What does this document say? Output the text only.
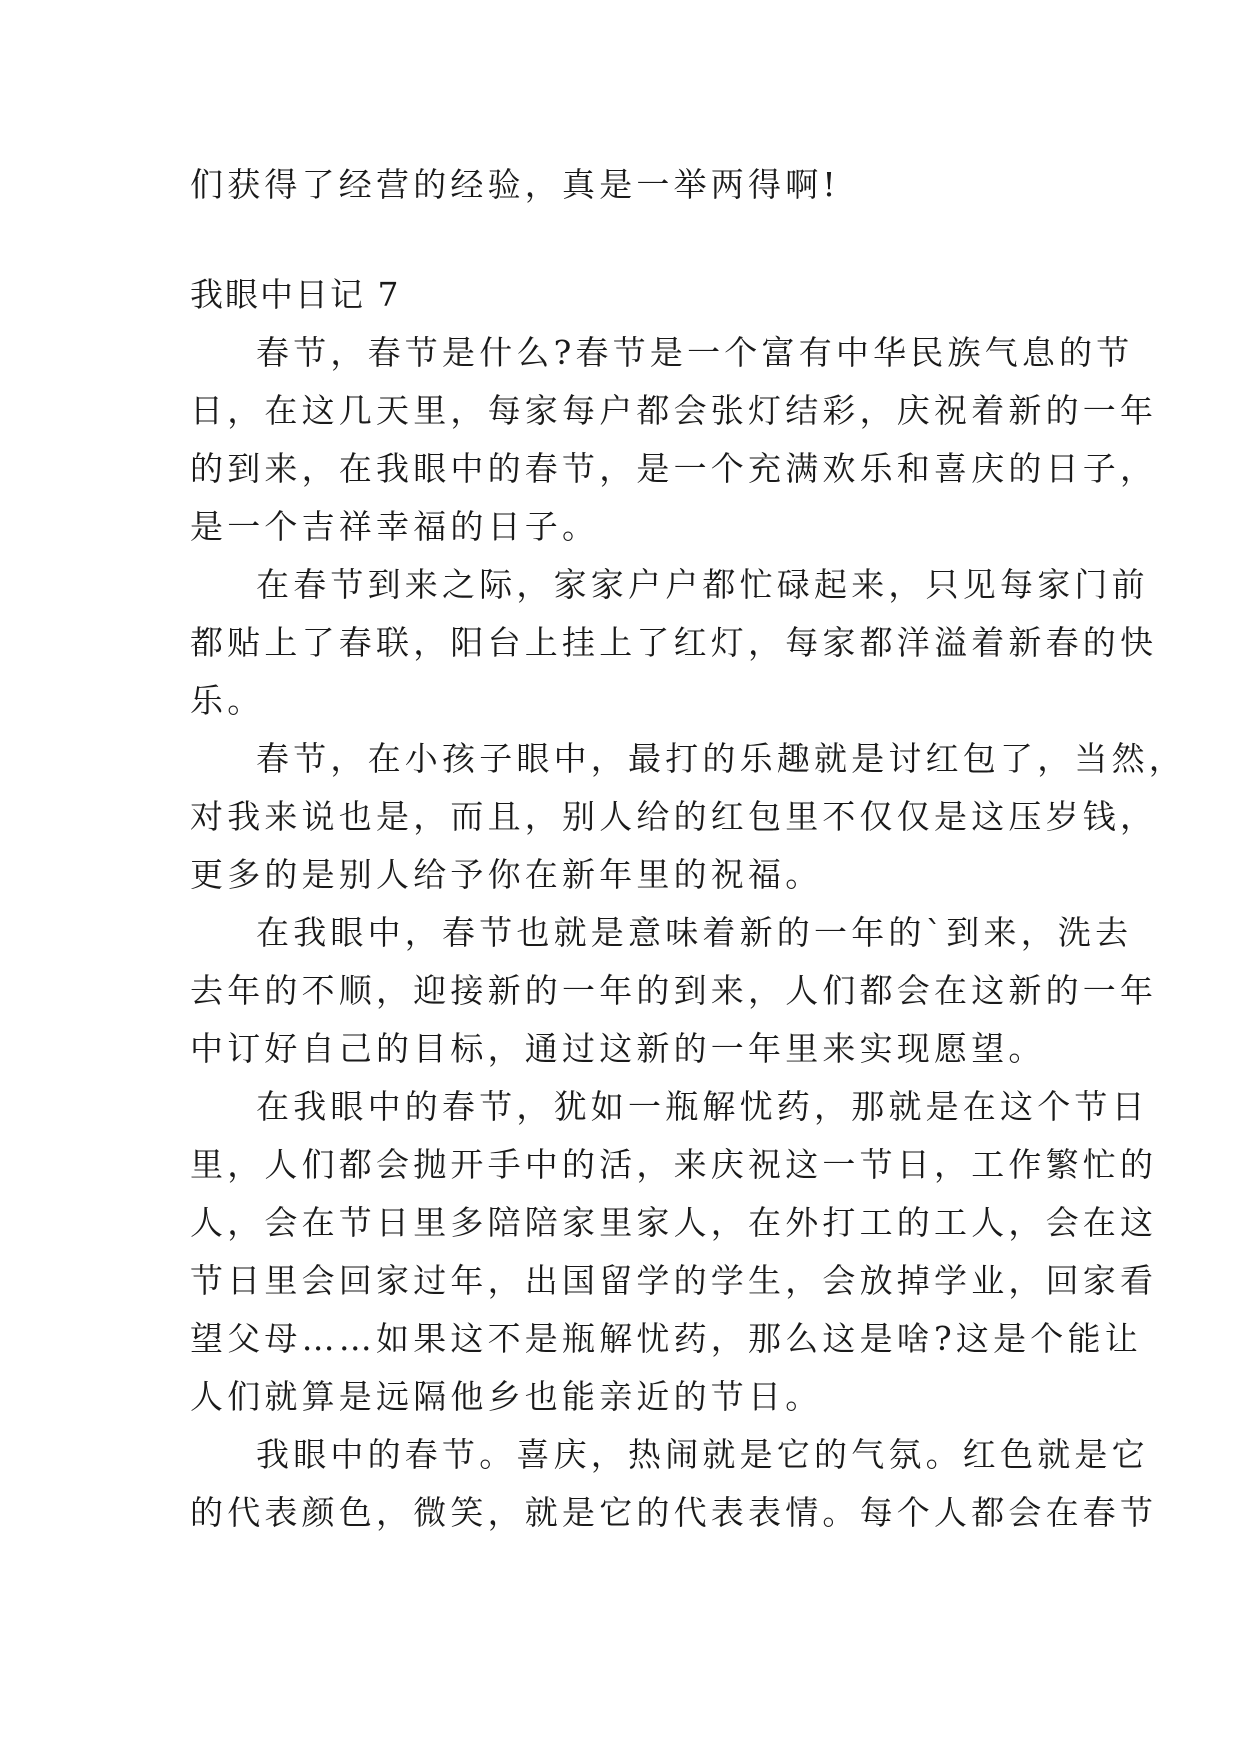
们获得了经营的经验，真是一举两得啊!

我眼中日记 7

春节，春节是什么?春节是一个富有中华民族气息的节

日，在这几天里，每家每户都会张灯结彩，庆祝着新的一年

的到来，在我眼中的春节，是一个充满欢乐和喜庆的日子，

是一个吉祥幸福的日子。

在春节到来之际，家家户户都忙碌起来，只见每家门前

都贴上了春联，阳台上挂上了红灯，每家都洋溢着新春的快

乐。

春节，在小孩子眼中，最打的乐趣就是讨红包了，当然，

对我来说也是，而且，别人给的红包里不仅仅是这压岁钱，

更多的是别人给予你在新年里的祝福。

在我眼中，春节也就是意味着新的一年的`到来，洗去

去年的不顺，迎接新的一年的到来，人们都会在这新的一年

中订好自己的目标，通过这新的一年里来实现愿望。

在我眼中的春节，犹如一瓶解忧药，那就是在这个节日

里，人们都会抛开手中的活，来庆祝这一节日，工作繁忙的

人，会在节日里多陪陪家里家人，在外打工的工人，会在这

节日里会回家过年，出国留学的学生，会放掉学业，回家看

望父母……如果这不是瓶解忧药，那么这是啥?这是个能让

人们就算是远隔他乡也能亲近的节日。

我眼中的春节。喜庆，热闹就是它的气氛。红色就是它

的代表颜色，微笑，就是它的代表表情。每个人都会在春节
